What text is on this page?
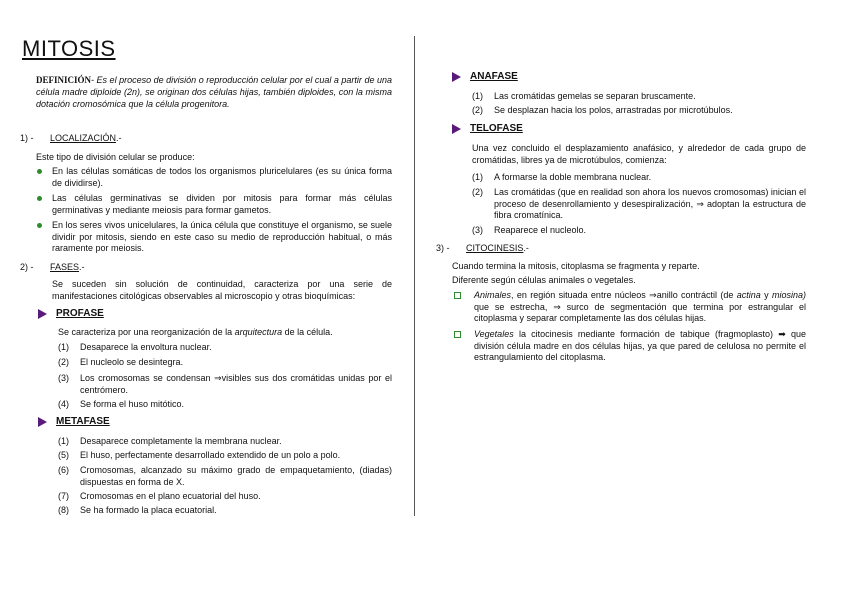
MITOSIS
DEFINICIÓN- Es el proceso de división o reproducción celular por el cual a partir de una célula madre diploide (2n), se originan dos células hijas, también diploides, con la misma dotación cromosómica que la célula progenitora.
1) - LOCALIZACIÓN.-
Este tipo de división celular se produce:
En las células somáticas de todos los organismos pluricelulares (es su única forma de dividirse).
Las células germinativas se dividen por mitosis para formar más células germinativas y mediante meiosis para formar gametos.
En los seres vivos unicelulares, la única célula que constituye el organismo, se suele dividir por mitosis, siendo en este caso su medio de reproducción habitual, o más raramente por meiosis.
2) - FASES.-
Se suceden sin solución de continuidad, caracteriza por una serie de manifestaciones citológicas observables al microscopio y otras bioquímicas:
PROFASE
Se caracteriza por una reorganización de la arquitectura de la célula.
(1) Desaparece la envoltura nuclear.
(2) El nucleolo se desintegra.
(3) Los cromosomas se condensan ⇒visibles sus dos cromátidas unidas por el centrómero.
(4) Se forma el huso mitótico.
METAFASE
(1) Desaparece completamente la membrana nuclear.
(5) El huso, perfectamente desarrollado extendido de un polo a polo.
(6) Cromosomas, alcanzado su máximo grado de empaquetamiento, (diadas) dispuestas en forma de X.
(7) Cromosomas en el plano ecuatorial del huso.
(8) Se ha formado la placa ecuatorial.
ANAFASE
(1) Las cromátidas gemelas se separan bruscamente.
(2) Se desplazan hacia los polos, arrastradas por microtúbulos.
TELOFASE
Una vez concluido el desplazamiento anafásico, y alrededor de cada grupo de cromátidas, libres ya de microtúbulos, comienza:
(1) A formarse la doble membrana nuclear.
(2) Las cromátidas (que en realidad son ahora los nuevos cromosomas) inician el proceso de desenrollamiento y desespiralización, ⇒ adoptan la estructura de fibra cromatínica.
(3) Reaparece el nucleolo.
3) - CITOCINESIS.-
Cuando termina la mitosis, citoplasma se fragmenta y reparte.
Diferente según células animales o vegetales.
Animales, en región situada entre núcleos ⇒anillo contráctil (de actina y miosina) que se estrecha, ⇒ surco de segmentación que termina por estrangular el citoplasma y separar completamente las dos células hijas.
Vegetales la citocinesis mediante formación de tabique (fragmoplasto) ➡ que división célula madre en dos células hijas, ya que pared de celulosa no permite el estrangulamiento del citoplasma.
